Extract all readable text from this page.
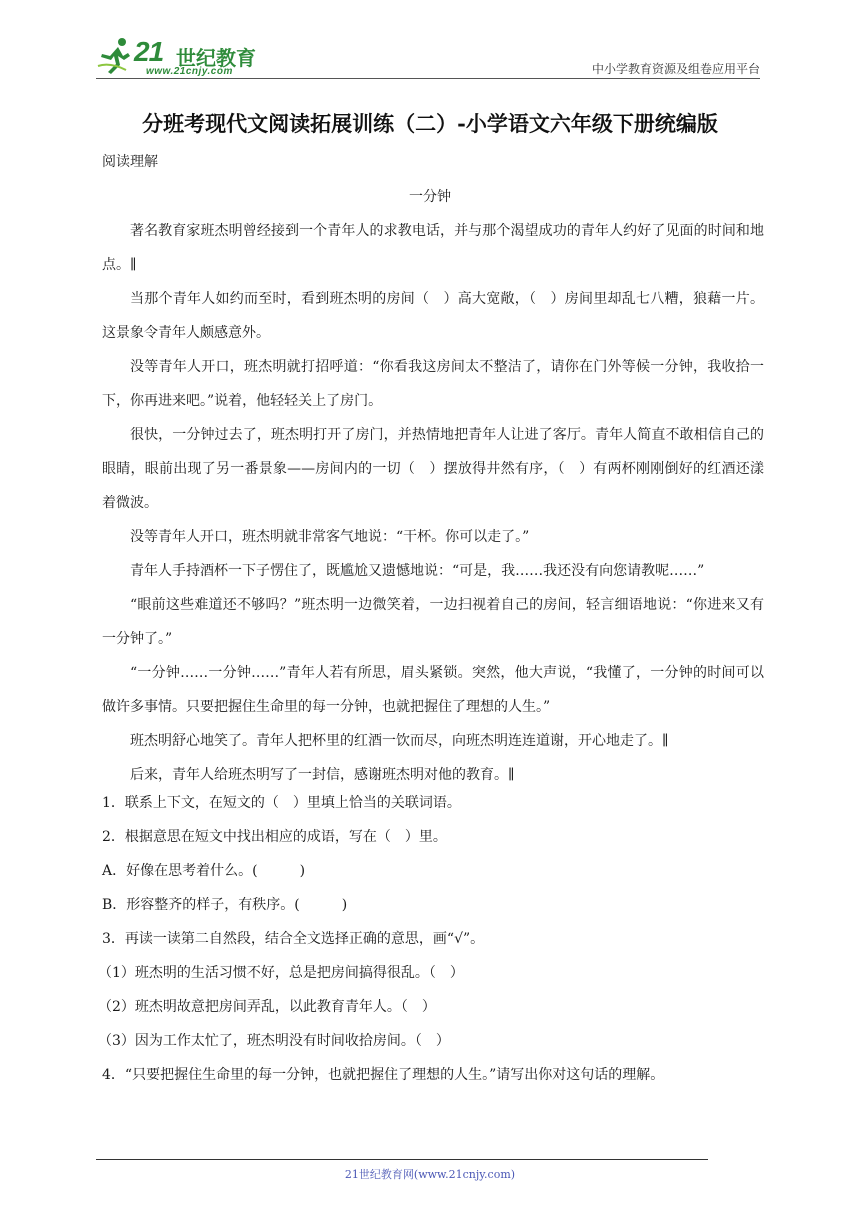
21 世纪教育
www.21cnjy.com	中小学教育资源及组卷应用平台
分班考现代文阅读拓展训练（二）-小学语文六年级下册统编版
阅读理解
一分钟

著名教育家班杰明曾经接到一个青年人的求教电话，并与那个渴望成功的青年人约好了见面的时间和地点。∥

当那个青年人如约而至时，看到班杰明的房间（　）高大宽敞，（　）房间里却乱七八糟，狼藉一片。这景象令青年人颇感意外。

没等青年人开口，班杰明就打招呼道：“你看我这房间太不整洁了，请你在门外等候一分钟，我收拾一下，你再进来吧。”说着，他轻轻关上了房门。

很快，一分钟过去了，班杰明打开了房门，并热情地把青年人让进了客厅。青年人简直不敢相信自己的眼睛，眼前出现了另一番景象——房间内的一切（　）摆放得井然有序，（　）有两杯刚刚倒好的红酒还漾着微波。

没等青年人开口，班杰明就非常客气地说：“干杯。你可以走了。”

青年人手持酒杯一下子愣住了，既尴尬又遗憾地说：“可是，我……我还没有向您请教呢……”

“眼前这些难道还不够吗？”班杰明一边微笑着，一边扫视着自己的房间，轻言细语地说：“你进来又有一分钟了。”

“一分钟……一分钟……”青年人若有所思，眉头紧锁。突然，他大声说，“我懂了，一分钟的时间可以做许多事情。只要把握住生命里的每一分钟，也就把握住了理想的人生。”

班杰明舒心地笑了。青年人把杯里的红酒一饮而尽，向班杰明连连道谢，开心地走了。∥

后来，青年人给班杰明写了一封信，感谢班杰明对他的教育。∥

1．联系上下文，在短文的（　）里填上恰当的关联词语。

2．根据意思在短文中找出相应的成语，写在（　）里。

A．好像在思考着什么。(　　　)

B．形容整齐的样子，有秩序。(　　　)

3．再读一读第二自然段，结合全文选择正确的意思，画“√”。

（1）班杰明的生活习惯不好，总是把房间搞得很乱。（　）

（2）班杰明故意把房间弄乱，以此教育青年人。（　）

（3）因为工作太忙了，班杰明没有时间收拾房间。（　）

4．“只要把握住生命里的每一分钟，也就把握住了理想的人生。”请写出你对这句话的理解。

21世纪教育网(www.21cnjy.com)
